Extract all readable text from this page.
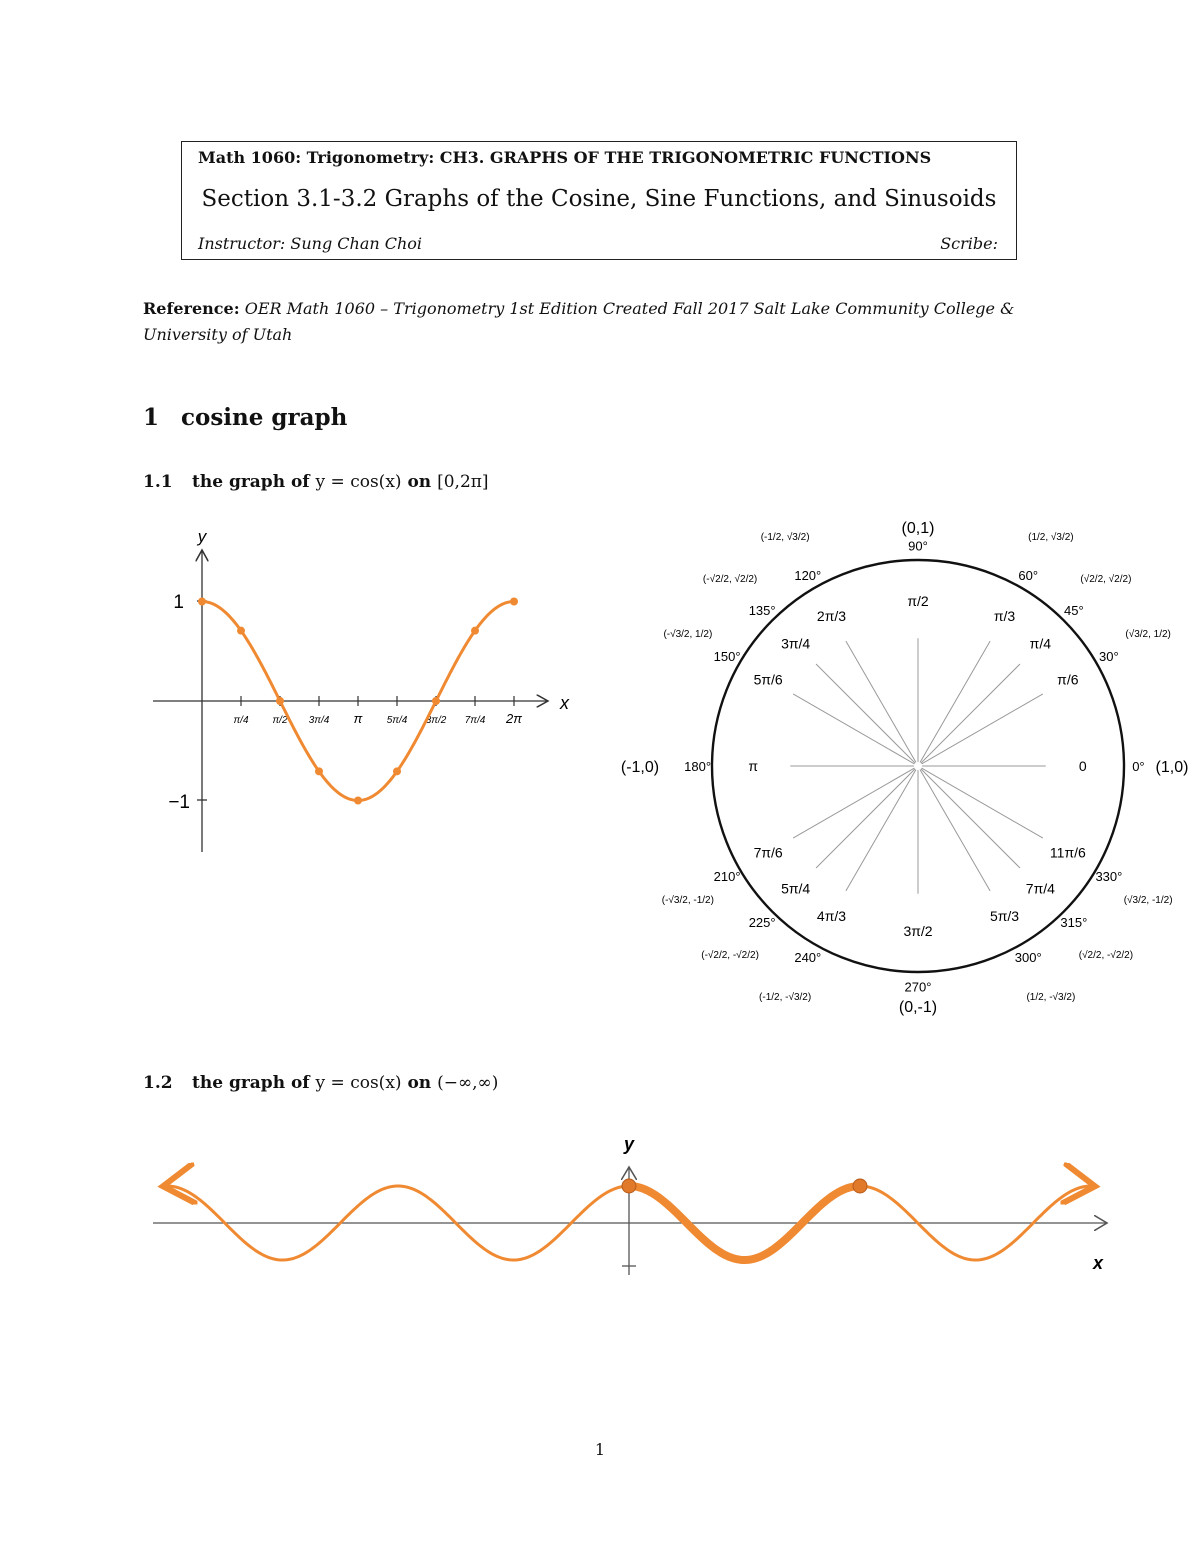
Math 1060: Trigonometry: CH3. GRAPHS OF THE TRIGONOMETRIC FUNCTIONS
Section 3.1-3.2 Graphs of the Cosine, Sine Functions, and Sinusoids
Instructor: Sung Chan Choi	Scribe:
Reference: OER Math 1060 – Trigonometry 1st Edition Created Fall 2017 Salt Lake Community College & University of Utah
1 cosine graph
1.1 the graph of y = cos(x) on [0,2π]
y
x
1
−1
π/4 π/2 3π/4 π 5π/4 3π/2 7π/4 2π
0	0°
π/6
30°
(√3/2, 1/2)
π/4
45°
(√2/2, √2/2)
π/3
60°
(1/2, √3/2)
π/2
90°
2π/3
120°
(-1/2, √3/2)
3π/4
135°
(-√2/2, √2/2)
5π/6
150°
(-√3/2, 1/2)
π
180°
7π/6
210°
(-√3/2, -1/2)
5π/4
225°
(-√2/2, -√2/2)
4π/3
240°
(-1/2, -√3/2)
3π/2
270°
5π/3
300°
(1/2, -√3/2)
7π/4
315°
(√2/2, -√2/2)
11π/6
330°
(√3/2, -1/2)
(0,1)
(0,-1)
(-1,0)	(1,0)
1.2 the graph of y = cos(x) on (−∞,∞)
y
x
1
